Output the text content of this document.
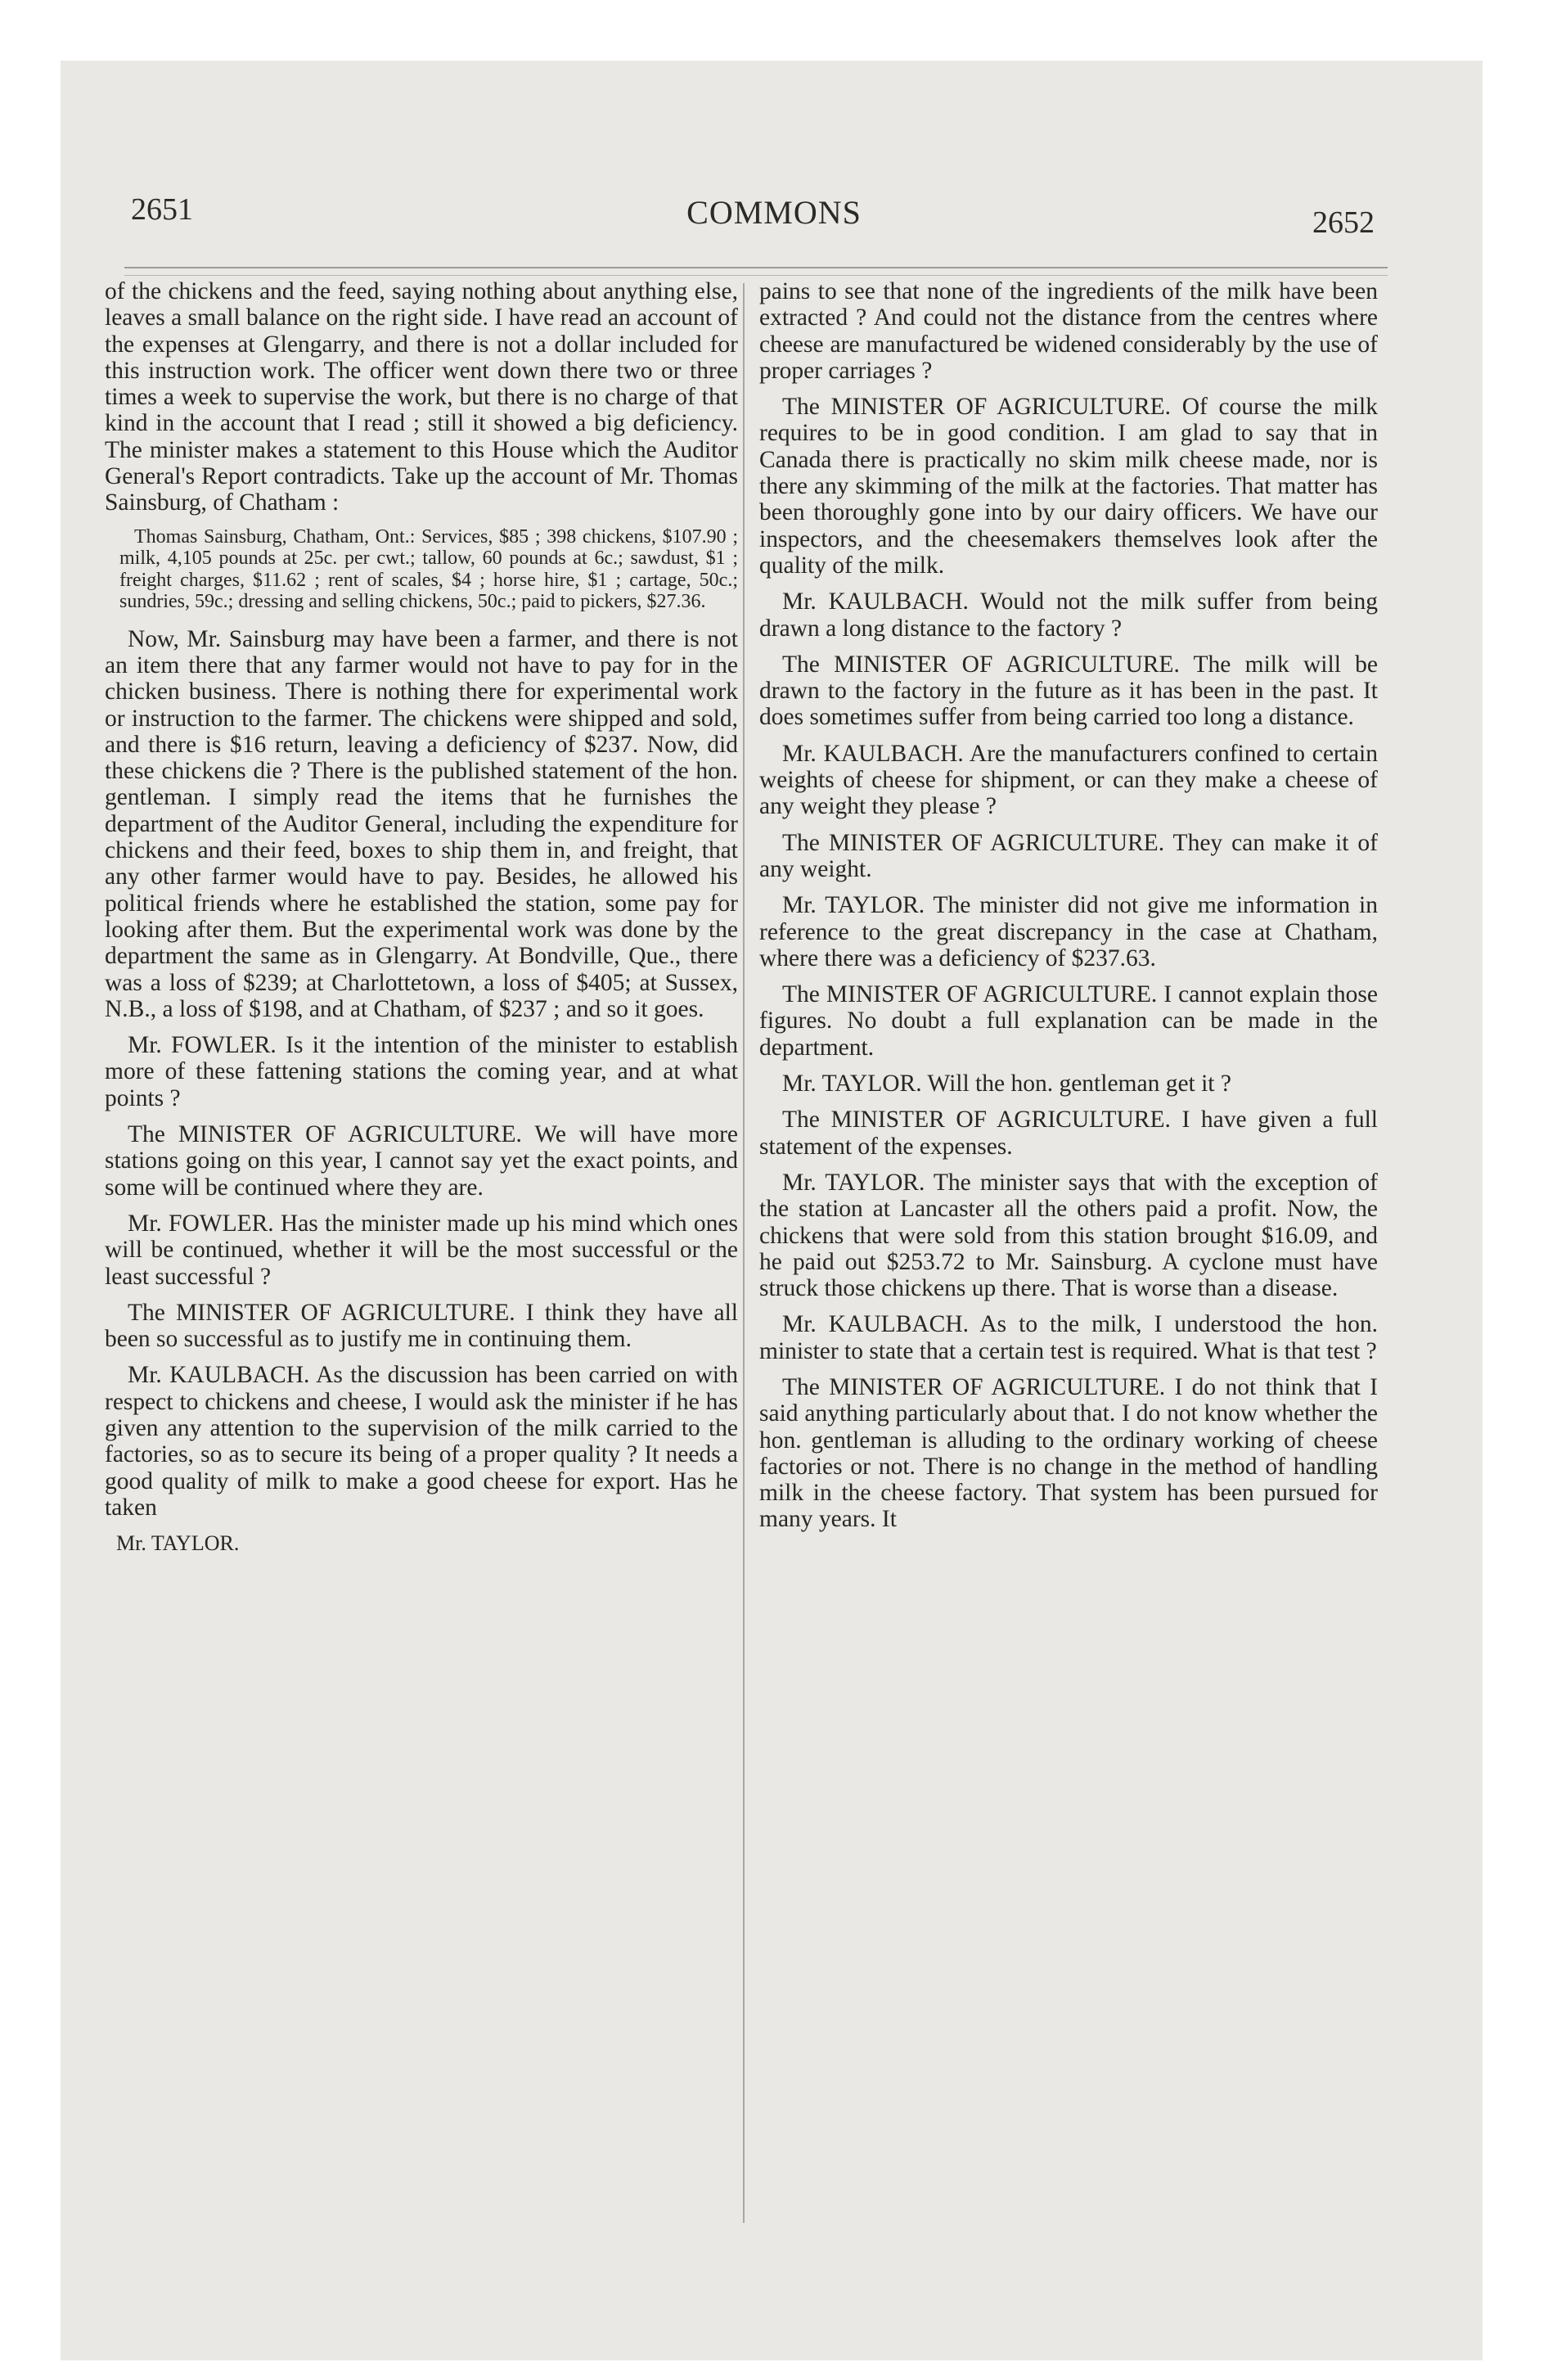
2651	COMMONS	2652

of the chickens and the feed, saying nothing about anything else, leaves a small balance on the right side. I have read an account of the expenses at Glengarry, and there is not a dollar included for this instruction work. The officer went down there two or three times a week to supervise the work, but there is no charge of that kind in the account that I read ; still it showed a big deficiency. The minister makes a statement to this House which the Auditor General's Report contradicts. Take up the account of Mr. Thomas Sainsburg, of Chatham :

Thomas Sainsburg, Chatham, Ont.: Services, $85 ; 398 chickens, $107.90 ; milk, 4,105 pounds at 25c. per cwt.; tallow, 60 pounds at 6c.; sawdust, $1 ; freight charges, $11.62 ; rent of scales, $4 ; horse hire, $1 ; cartage, 50c.; sundries, 59c.; dressing and selling chickens, 50c.; paid to pickers, $27.36.

Now, Mr. Sainsburg may have been a farmer, and there is not an item there that any farmer would not have to pay for in the chicken business. There is nothing there for experimental work or instruction to the farmer. The chickens were shipped and sold, and there is $16 return, leaving a deficiency of $237. Now, did these chickens die ? There is the published statement of the hon. gentleman. I simply read the items that he furnishes the department of the Auditor General, including the expenditure for chickens and their feed, boxes to ship them in, and freight, that any other farmer would have to pay. Besides, he allowed his political friends where he established the station, some pay for looking after them. But the experimental work was done by the department the same as in Glengarry. At Bondville, Que., there was a loss of $239; at Charlottetown, a loss of $405; at Sussex, N.B., a loss of $198, and at Chatham, of $237 ; and so it goes.

Mr. FOWLER. Is it the intention of the minister to establish more of these fattening stations the coming year, and at what points ?

The MINISTER OF AGRICULTURE. We will have more stations going on this year, I cannot say yet the exact points, and some will be continued where they are.

Mr. FOWLER. Has the minister made up his mind which ones will be continued, whether it will be the most successful or the least successful ?

The MINISTER OF AGRICULTURE. I think they have all been so successful as to justify me in continuing them.

Mr. KAULBACH. As the discussion has been carried on with respect to chickens and cheese, I would ask the minister if he has given any attention to the supervision of the milk carried to the factories, so as to secure its being of a proper quality ? It needs a good quality of milk to make a good cheese for export. Has he taken

Mr. TAYLOR.

pains to see that none of the ingredients of the milk have been extracted ? And could not the distance from the centres where cheese are manufactured be widened considerably by the use of proper carriages ?

The MINISTER OF AGRICULTURE. Of course the milk requires to be in good condition. I am glad to say that in Canada there is practically no skim milk cheese made, nor is there any skimming of the milk at the factories. That matter has been thoroughly gone into by our dairy officers. We have our inspectors, and the cheesemakers themselves look after the quality of the milk.

Mr. KAULBACH. Would not the milk suffer from being drawn a long distance to the factory ?

The MINISTER OF AGRICULTURE. The milk will be drawn to the factory in the future as it has been in the past. It does sometimes suffer from being carried too long a distance.

Mr. KAULBACH. Are the manufacturers confined to certain weights of cheese for shipment, or can they make a cheese of any weight they please ?

The MINISTER OF AGRICULTURE. They can make it of any weight.

Mr. TAYLOR. The minister did not give me information in reference to the great discrepancy in the case at Chatham, where there was a deficiency of $237.63.

The MINISTER OF AGRICULTURE. I cannot explain those figures. No doubt a full explanation can be made in the department.

Mr. TAYLOR. Will the hon. gentleman get it ?

The MINISTER OF AGRICULTURE. I have given a full statement of the expenses.

Mr. TAYLOR. The minister says that with the exception of the station at Lancaster all the others paid a profit. Now, the chickens that were sold from this station brought $16.09, and he paid out $253.72 to Mr. Sainsburg. A cyclone must have struck those chickens up there. That is worse than a disease.

Mr. KAULBACH. As to the milk, I understood the hon. minister to state that a certain test is required. What is that test ?

The MINISTER OF AGRICULTURE. I do not think that I said anything particularly about that. I do not know whether the hon. gentleman is alluding to the ordinary working of cheese factories or not. There is no change in the method of handling milk in the cheese factory. That system has been pursued for many years. It
